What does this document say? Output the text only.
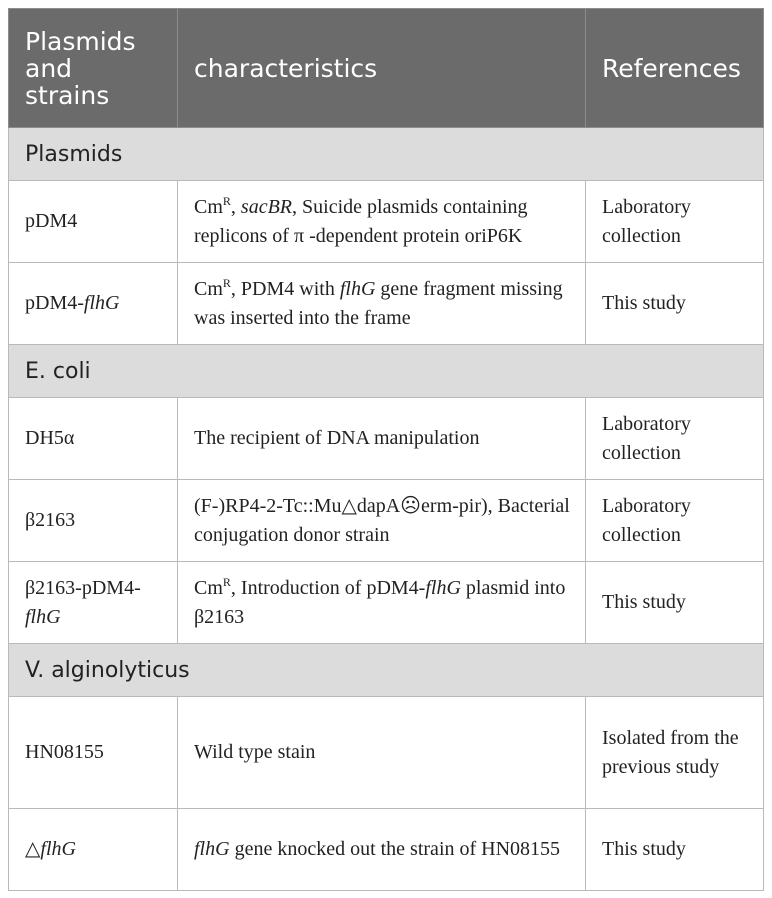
Plasmids and strains	characteristics	References
Plasmids		
pDM4	$Cm^R$, sacBR, Suicide plasmids containing replicons of π -dependent protein oriP6K	Laboratory collection
pDM4-flhG	$Cm^R$, PDM4 with flhG gene fragment missing was inserted into the frame	This study
E. coli		
DH5α	The recipient of DNA manipulation	Laboratory collection
β2163	(F-)RP4-2-Tc::Mu△dapA☹erm-pir), Bacterial conjugation donor strain	Laboratory collection
β2163-pDM4-flhG	$Cm^R$, Introduction of pDM4-flhG plasmid into β2163	This study
V. alginolyticus		
HN08155	Wild type stain	Isolated from the previous study
△flhG	flhG gene knocked out the strain of HN08155	This study
